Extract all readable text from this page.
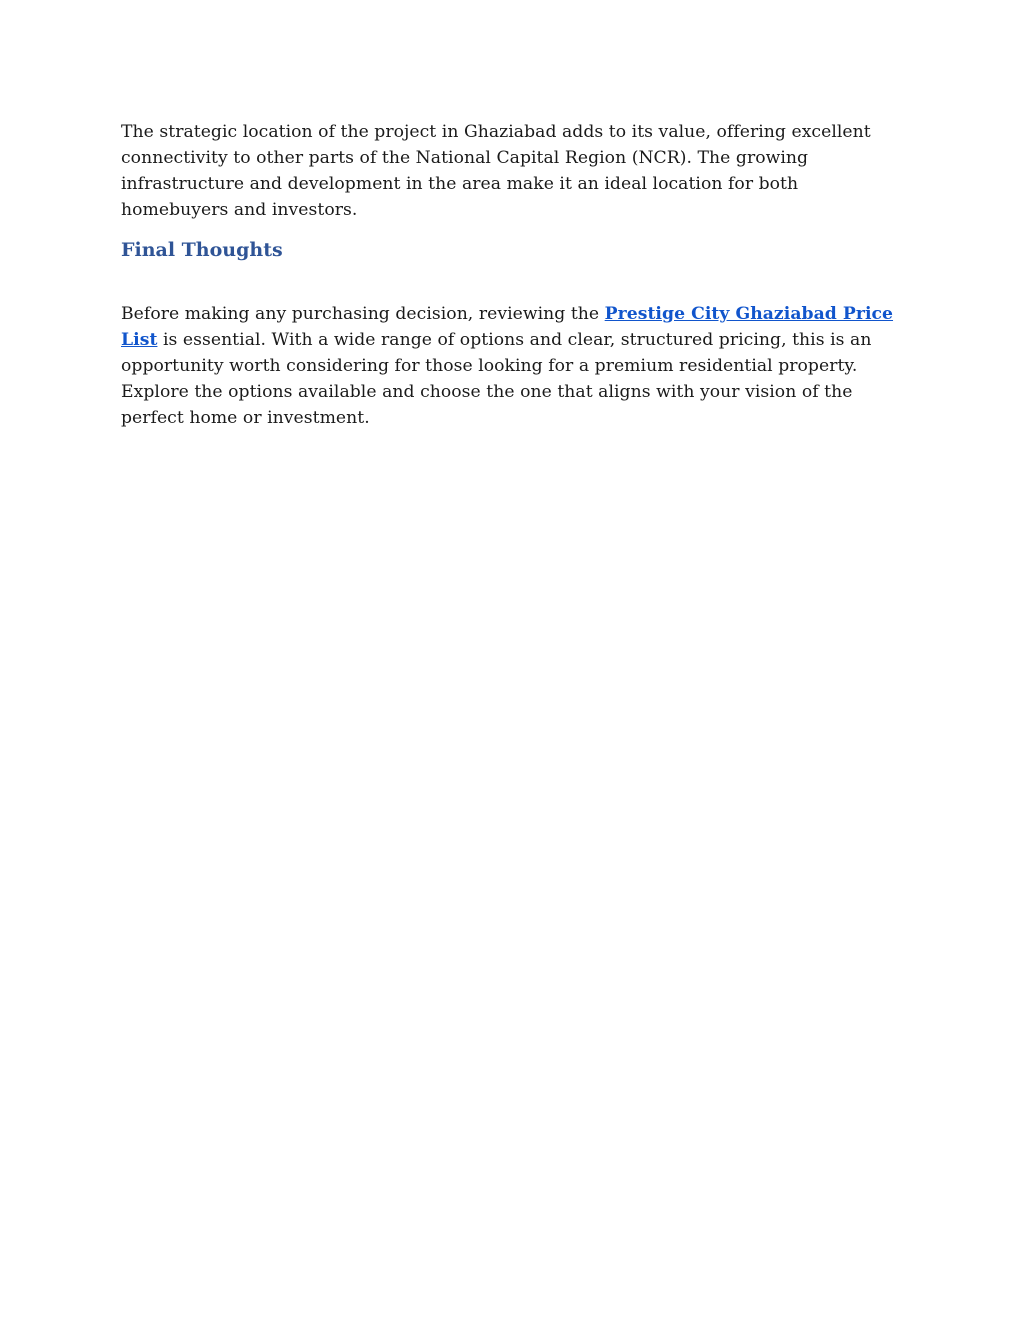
The strategic location of the project in Ghaziabad adds to its value, offering excellent connectivity to other parts of the National Capital Region (NCR). The growing infrastructure and development in the area make it an ideal location for both homebuyers and investors.

Final Thoughts

Before making any purchasing decision, reviewing the Prestige City Ghaziabad Price List is essential. With a wide range of options and clear, structured pricing, this is an opportunity worth considering for those looking for a premium residential property. Explore the options available and choose the one that aligns with your vision of the perfect home or investment.
